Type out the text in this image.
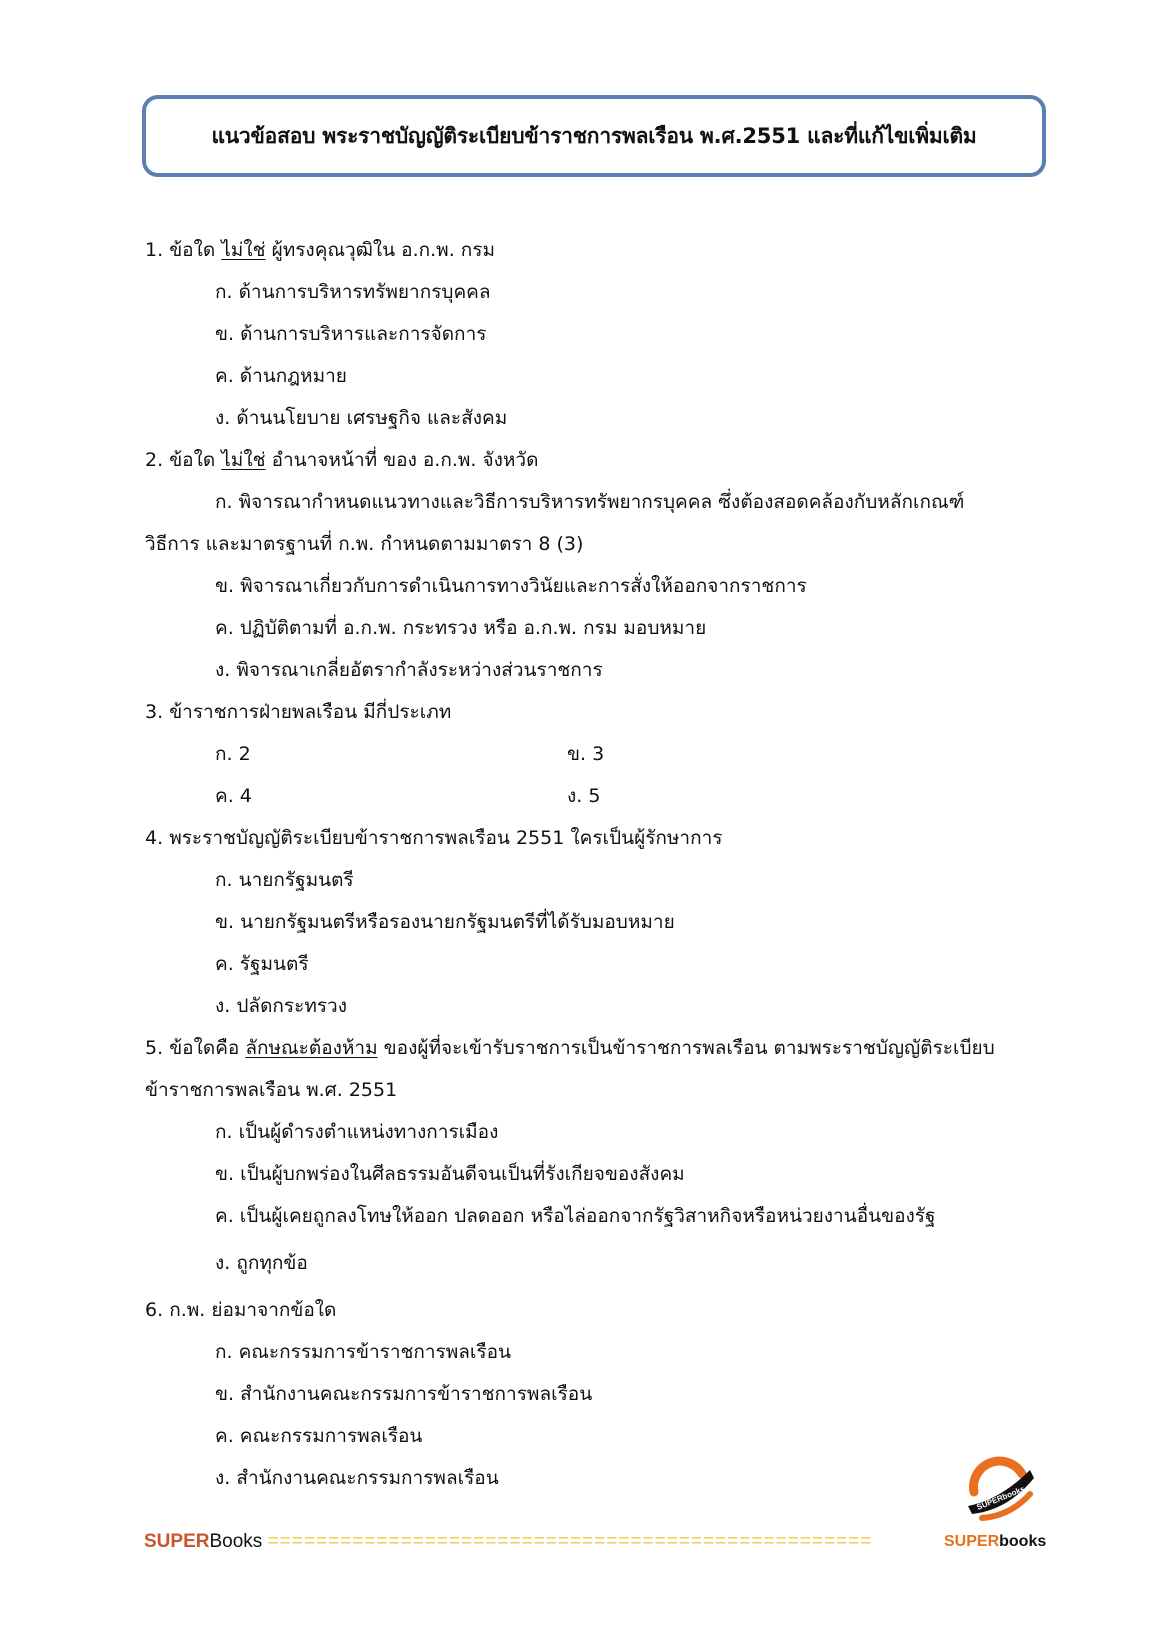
แนวข้อสอบ พระราชบัญญัติระเบียบข้าราชการพลเรือน พ.ศ.2551 และที่แก้ไขเพิ่มเติม
1. ข้อใด ไม่ใช่ ผู้ทรงคุณวุฒิใน อ.ก.พ. กรม
ก. ด้านการบริหารทรัพยากรบุคคล
ข. ด้านการบริหารและการจัดการ
ค. ด้านกฎหมาย
ง. ด้านนโยบาย เศรษฐกิจ และสังคม
2. ข้อใด ไม่ใช่ อำนาจหน้าที่ ของ อ.ก.พ. จังหวัด
ก. พิจารณากำหนดแนวทางและวิธีการบริหารทรัพยากรบุคคล ซึ่งต้องสอดคล้องกับหลักเกณฑ์
วิธีการ และมาตรฐานที่ ก.พ. กำหนดตามมาตรา 8 (3)
ข. พิจารณาเกี่ยวกับการดำเนินการทางวินัยและการสั่งให้ออกจากราชการ
ค. ปฏิบัติตามที่ อ.ก.พ. กระทรวง หรือ อ.ก.พ. กรม มอบหมาย
ง. พิจารณาเกลี่ยอัตรากำลังระหว่างส่วนราชการ
3. ข้าราชการฝ่ายพลเรือน มีกี่ประเภท
ก. 2	ข. 3
ค. 4	ง. 5
4. พระราชบัญญัติระเบียบข้าราชการพลเรือน 2551 ใครเป็นผู้รักษาการ
ก. นายกรัฐมนตรี
ข. นายกรัฐมนตรีหรือรองนายกรัฐมนตรีที่ได้รับมอบหมาย
ค. รัฐมนตรี
ง. ปลัดกระทรวง
5. ข้อใดคือ ลักษณะต้องห้าม ของผู้ที่จะเข้ารับราชการเป็นข้าราชการพลเรือน ตามพระราชบัญญัติระเบียบ
ข้าราชการพลเรือน พ.ศ. 2551
ก. เป็นผู้ดำรงตำแหน่งทางการเมือง
ข. เป็นผู้บกพร่องในศีลธรรมอันดีจนเป็นที่รังเกียจของสังคม
ค. เป็นผู้เคยถูกลงโทษให้ออก ปลดออก หรือไล่ออกจากรัฐวิสาหกิจหรือหน่วยงานอื่นของรัฐ
ง. ถูกทุกข้อ
6. ก.พ. ย่อมาจากข้อใด
ก. คณะกรรมการข้าราชการพลเรือน
ข. สำนักงานคณะกรรมการข้าราชการพลเรือน
ค. คณะกรรมการพลเรือน
ง. สำนักงานคณะกรรมการพลเรือน
SUPERbooks
SUPERBooks ==================================================	SUPERbooks
